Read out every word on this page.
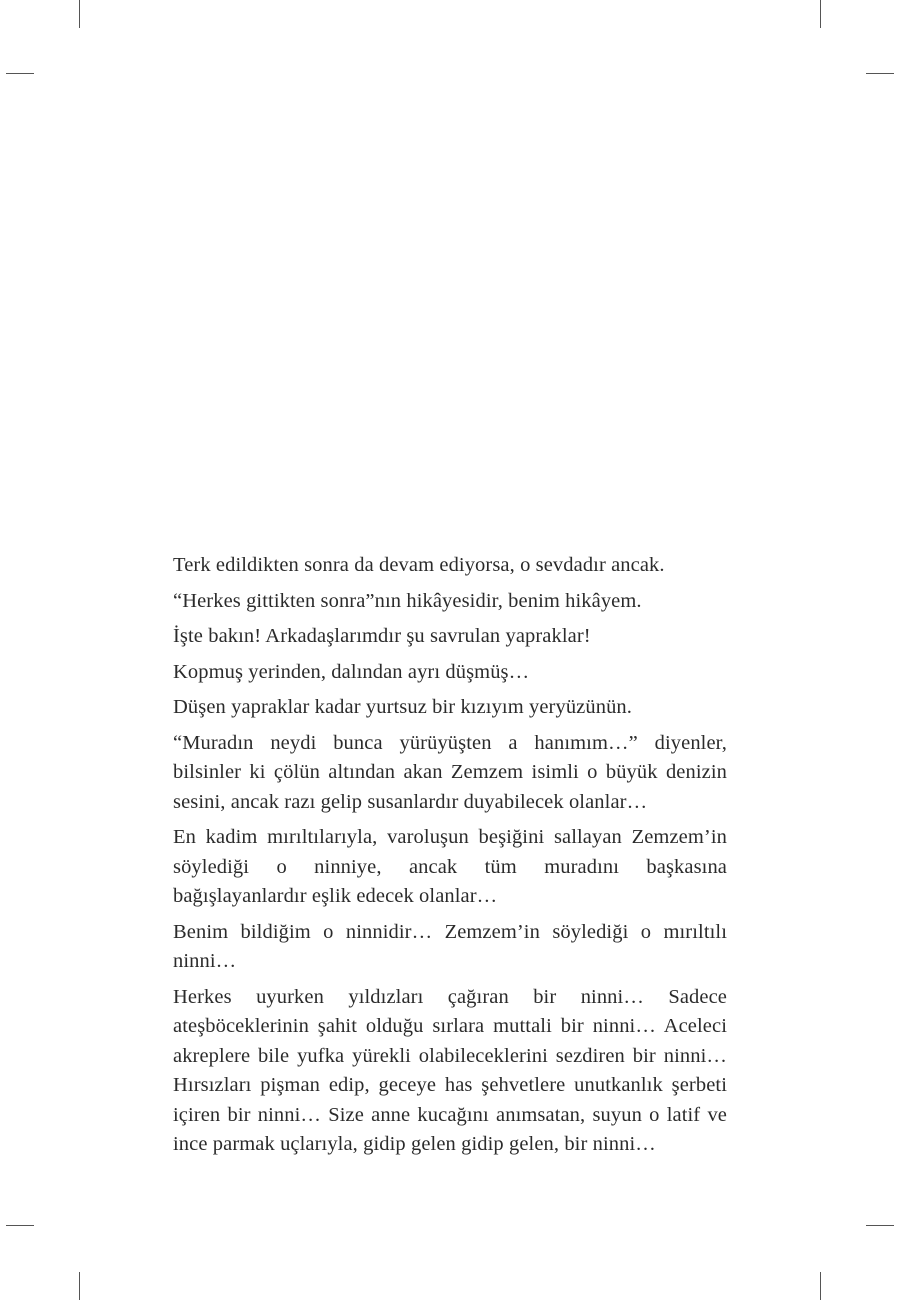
Terk edildikten sonra da devam ediyorsa, o sevdadır ancak.

“Herkes gittikten sonra”nın hikâyesidir, benim hikâyem.

İşte bakın! Arkadaşlarımdır şu savrulan yapraklar!

Kopmuş yerinden, dalından ayrı düşmüş…

Düşen yapraklar kadar yurtsuz bir kızıyım yeryüzünün.

“Muradın neydi bunca yürüyüşten a hanımım…” diyenler, bilsinler ki çölün altından akan Zemzem isimli o büyük denizin sesini, ancak razı gelip susanlardır duyabilecek olanlar…

En kadim mırıltılarıyla, varoluşun beşiğini sallayan Zemzem’in söylediği o ninniye, ancak tüm muradını başkasına bağışlayanlardır eşlik edecek olanlar…

Benim bildiğim o ninnidir… Zemzem’in söylediği o mırıltılı ninni…

Herkes uyurken yıldızları çağıran bir ninni… Sadece ateşböceklerinin şahit olduğu sırlara muttali bir ninni… Aceleci akreplere bile yufka yürekli olabileceklerini sezdiren bir ninni… Hırsızları pişman edip, geceye has şehvetlere unutkanlık şerbeti içiren bir ninni… Size anne kucağını anımsatan, suyun o latif ve ince parmak uçlarıyla, gidip gelen gidip gelen, bir ninni…
